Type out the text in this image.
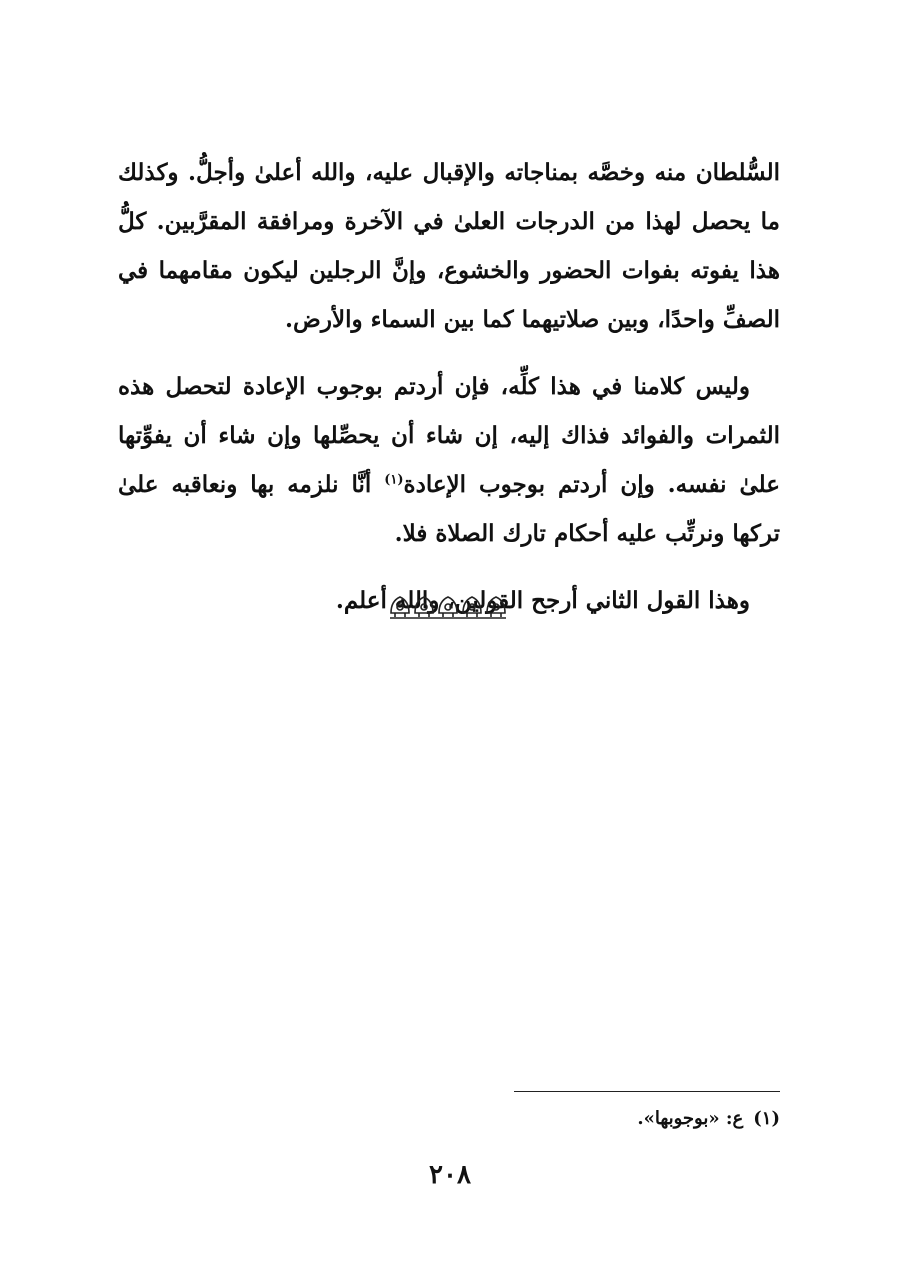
السُّلطان منه وخصَّه بمناجاته والإقبال عليه، والله أعلىٰ وأجلُّ. وكذلك ما يحصل لهذا من الدرجات العلىٰ في الآخرة ومرافقة المقرَّبين. كلُّ هذا يفوته بفوات الحضور والخشوع، وإنَّ الرجلين ليكون مقامهما في الصفِّ واحدًا، وبين صلاتيهما كما بين السماء والأرض.

وليس كلامنا في هذا كلِّه، فإن أردتم بوجوب الإعادة لتحصل هذه الثمرات والفوائد فذاك إليه، إن شاء أن يحصِّلها وإن شاء أن يفوِّتها علىٰ نفسه. وإن أردتم بوجوب الإعادة$^{(١)}$ أنَّا نلزمه بها ونعاقبه علىٰ تركها ونرتِّب عليه أحكام تارك الصلاة فلا.

وهذا القول الثاني أرجح القولين، والله أعلم.

(١)ع: «بوجوبها».
٢٠٨
